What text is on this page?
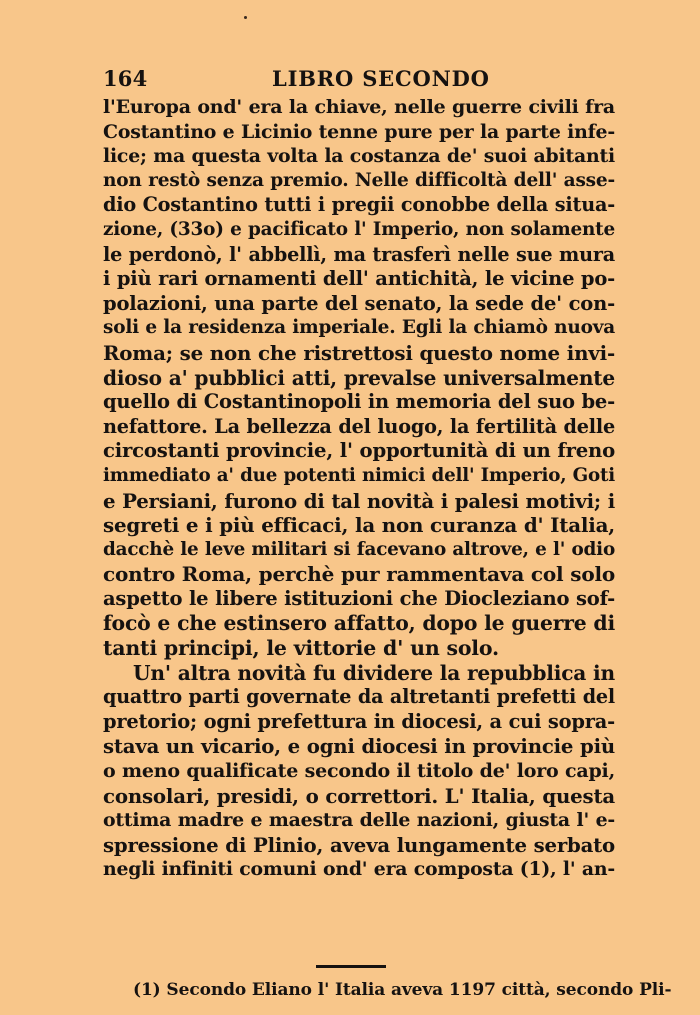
164	LIBRO SECONDO
l'Europa ond' era la chiave, nelle guerre civili fra
Costantino e Licinio tenne pure per la parte infe-
lice; ma questa volta la costanza de' suoi abitanti
non restò senza premio. Nelle difficoltà dell' asse-
dio Costantino tutti i pregii conobbe della situa-
zione, (33o) e pacificato l' Imperio, non solamente
le perdonò, l' abbellì, ma trasferì nelle sue mura
i più rari ornamenti dell' antichità, le vicine po-
polazioni, una parte del senato, la sede de' con-
soli e la residenza imperiale. Egli la chiamò nuova
Roma; se non che ristrettosi questo nome invi-
dioso a' pubblici atti, prevalse universalmente
quello di Costantinopoli in memoria del suo be-
nefattore. La bellezza del luogo, la fertilità delle
circostanti provincie, l' opportunità di un freno
immediato a' due potenti nimici dell' Imperio, Goti
e Persiani, furono di tal novità i palesi motivi; i
segreti e i più efficaci, la non curanza d' Italia,
dacchè le leve militari si facevano altrove, e l' odio
contro Roma, perchè pur rammentava col solo
aspetto le libere istituzioni che Diocleziano sof-
focò e che estinsero affatto, dopo le guerre di
tanti principi, le vittorie d' un solo.
Un' altra novità fu dividere la repubblica in
quattro parti governate da altretanti prefetti del
pretorio; ogni prefettura in diocesi, a cui sopra-
stava un vicario, e ogni diocesi in provincie più
o meno qualificate secondo il titolo de' loro capi,
consolari, presidi, o correttori. L' Italia, questa
ottima madre e maestra delle nazioni, giusta l' e-
spressione di Plinio, aveva lungamente serbato
negli infiniti comuni ond' era composta (1), l' an-
(1) Secondo Eliano l' Italia aveva 1197 città, secondo Pli-
